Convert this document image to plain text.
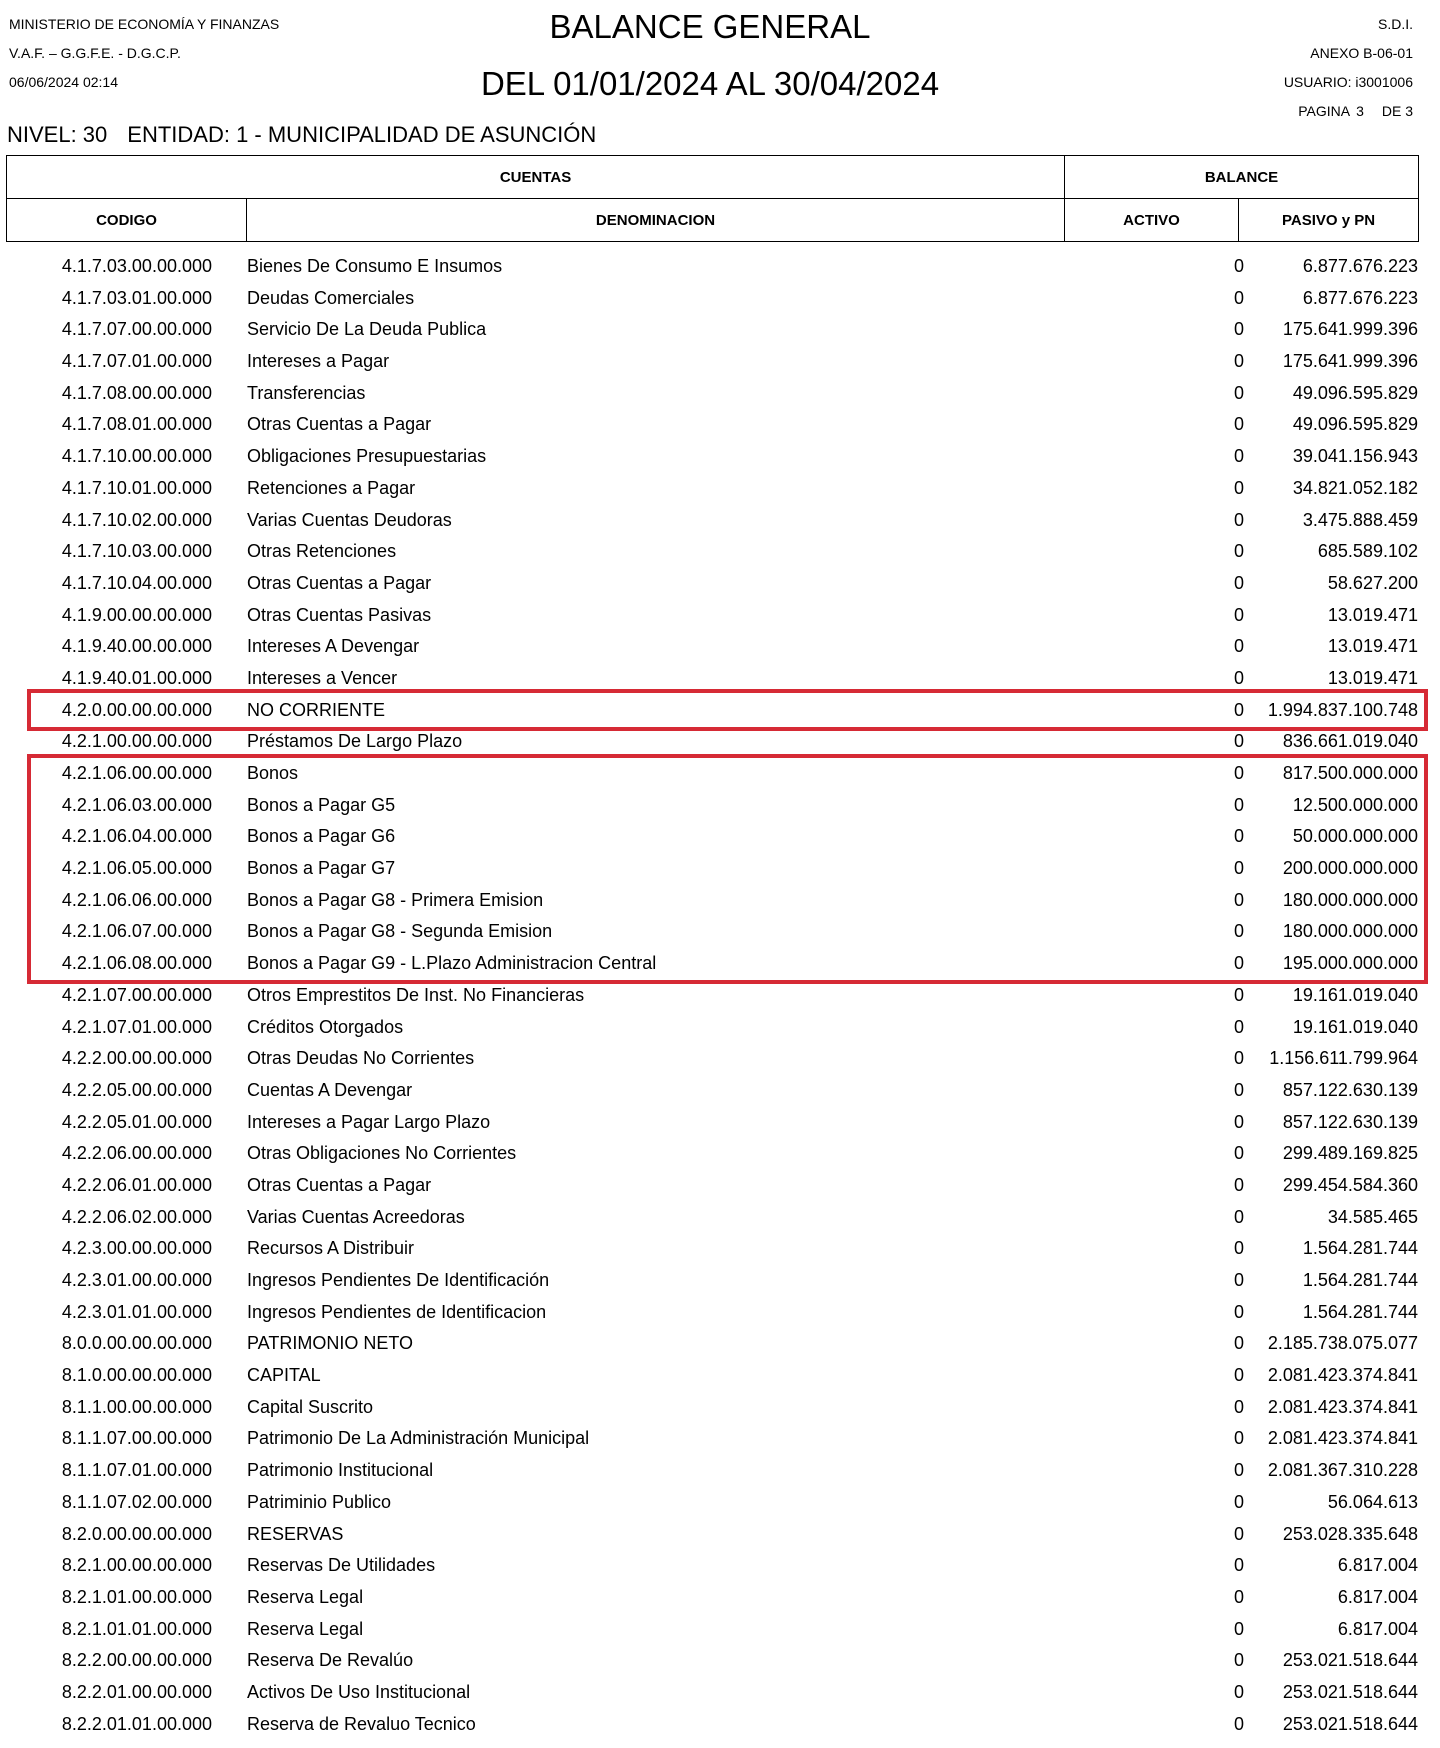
MINISTERIO DE ECONOMÍA Y FINANZAS
V.A.F. – G.G.F.E. - D.G.C.P.
06/06/2024 02:14
BALANCE GENERAL
DEL 01/01/2024 AL 30/04/2024
S.D.I.
ANEXO B-06-01
USUARIO: i3001006
PAGINA 3 DE 3
NIVEL: 30 ENTIDAD: 1 - MUNICIPALIDAD DE ASUNCIÓN
CUENTAS		BALANCE	
CODIGO	DENOMINACION	ACTIVO	PASIVO y PN
4.1.7.03.00.00.000 Bienes De Consumo E Insumos	0	6.877.676.223
4.1.7.03.01.00.000 Deudas Comerciales	0	6.877.676.223
4.1.7.07.00.00.000 Servicio De La Deuda Publica	0 175.641.999.396
4.1.7.07.01.00.000 Intereses a Pagar	0 175.641.999.396
4.1.7.08.00.00.000 Transferencias	0	49.096.595.829
4.1.7.08.01.00.000 Otras Cuentas a Pagar	0	49.096.595.829
4.1.7.10.00.00.000 Obligaciones Presupuestarias	0	39.041.156.943
4.1.7.10.01.00.000 Retenciones a Pagar	0	34.821.052.182
4.1.7.10.02.00.000 Varias Cuentas Deudoras	0	3.475.888.459
4.1.7.10.03.00.000 Otras Retenciones	0	685.589.102
4.1.7.10.04.00.000 Otras Cuentas a Pagar	0	58.627.200
4.1.9.00.00.00.000 Otras Cuentas Pasivas	0	13.019.471
4.1.9.40.00.00.000 Intereses A Devengar	0	13.019.471
4.1.9.40.01.00.000 Intereses a Vencer	0	13.019.471
4.2.0.00.00.00.000 NO CORRIENTE	0 1.994.837.100.748
4.2.1.00.00.00.000 Préstamos De Largo Plazo	0 836.661.019.040
4.2.1.06.00.00.000 Bonos	0 817.500.000.000
4.2.1.06.03.00.000 Bonos a Pagar G5	0	12.500.000.000
4.2.1.06.04.00.000 Bonos a Pagar G6	0	50.000.000.000
4.2.1.06.05.00.000 Bonos a Pagar G7	0 200.000.000.000
4.2.1.06.06.00.000 Bonos a Pagar G8 - Primera Emision	0 180.000.000.000
4.2.1.06.07.00.000 Bonos a Pagar G8 - Segunda Emision	0 180.000.000.000
4.2.1.06.08.00.000 Bonos a Pagar G9 - L.Plazo Administracion Central	0 195.000.000.000
4.2.1.07.00.00.000 Otros Emprestitos De Inst. No Financieras	0	19.161.019.040
4.2.1.07.01.00.000 Créditos Otorgados	0	19.161.019.040
4.2.2.00.00.00.000 Otras Deudas No Corrientes	0 1.156.611.799.964
4.2.2.05.00.00.000 Cuentas A Devengar	0 857.122.630.139
4.2.2.05.01.00.000 Intereses a Pagar Largo Plazo	0 857.122.630.139
4.2.2.06.00.00.000 Otras Obligaciones No Corrientes	0 299.489.169.825
4.2.2.06.01.00.000 Otras Cuentas a Pagar	0 299.454.584.360
4.2.2.06.02.00.000 Varias Cuentas Acreedoras	0	34.585.465
4.2.3.00.00.00.000 Recursos A Distribuir	0	1.564.281.744
4.2.3.01.00.00.000 Ingresos Pendientes De Identificación	0	1.564.281.744
4.2.3.01.01.00.000 Ingresos Pendientes de Identificacion	0	1.564.281.744
8.0.0.00.00.00.000 PATRIMONIO NETO	0 2.185.738.075.077
8.1.0.00.00.00.000 CAPITAL	0 2.081.423.374.841
8.1.1.00.00.00.000 Capital Suscrito	0 2.081.423.374.841
8.1.1.07.00.00.000 Patrimonio De La Administración Municipal	0 2.081.423.374.841
8.1.1.07.01.00.000 Patrimonio Institucional	0 2.081.367.310.228
8.1.1.07.02.00.000 Patriminio Publico	0	56.064.613
8.2.0.00.00.00.000 RESERVAS	0 253.028.335.648
8.2.1.00.00.00.000 Reservas De Utilidades	0	6.817.004
8.2.1.01.00.00.000 Reserva Legal	0	6.817.004
8.2.1.01.01.00.000 Reserva Legal	0	6.817.004
8.2.2.00.00.00.000 Reserva De Revalúo	0 253.021.518.644
8.2.2.01.00.00.000 Activos De Uso Institucional	0 253.021.518.644
8.2.2.01.01.00.000 Reserva de Revaluo Tecnico	0 253.021.518.644
